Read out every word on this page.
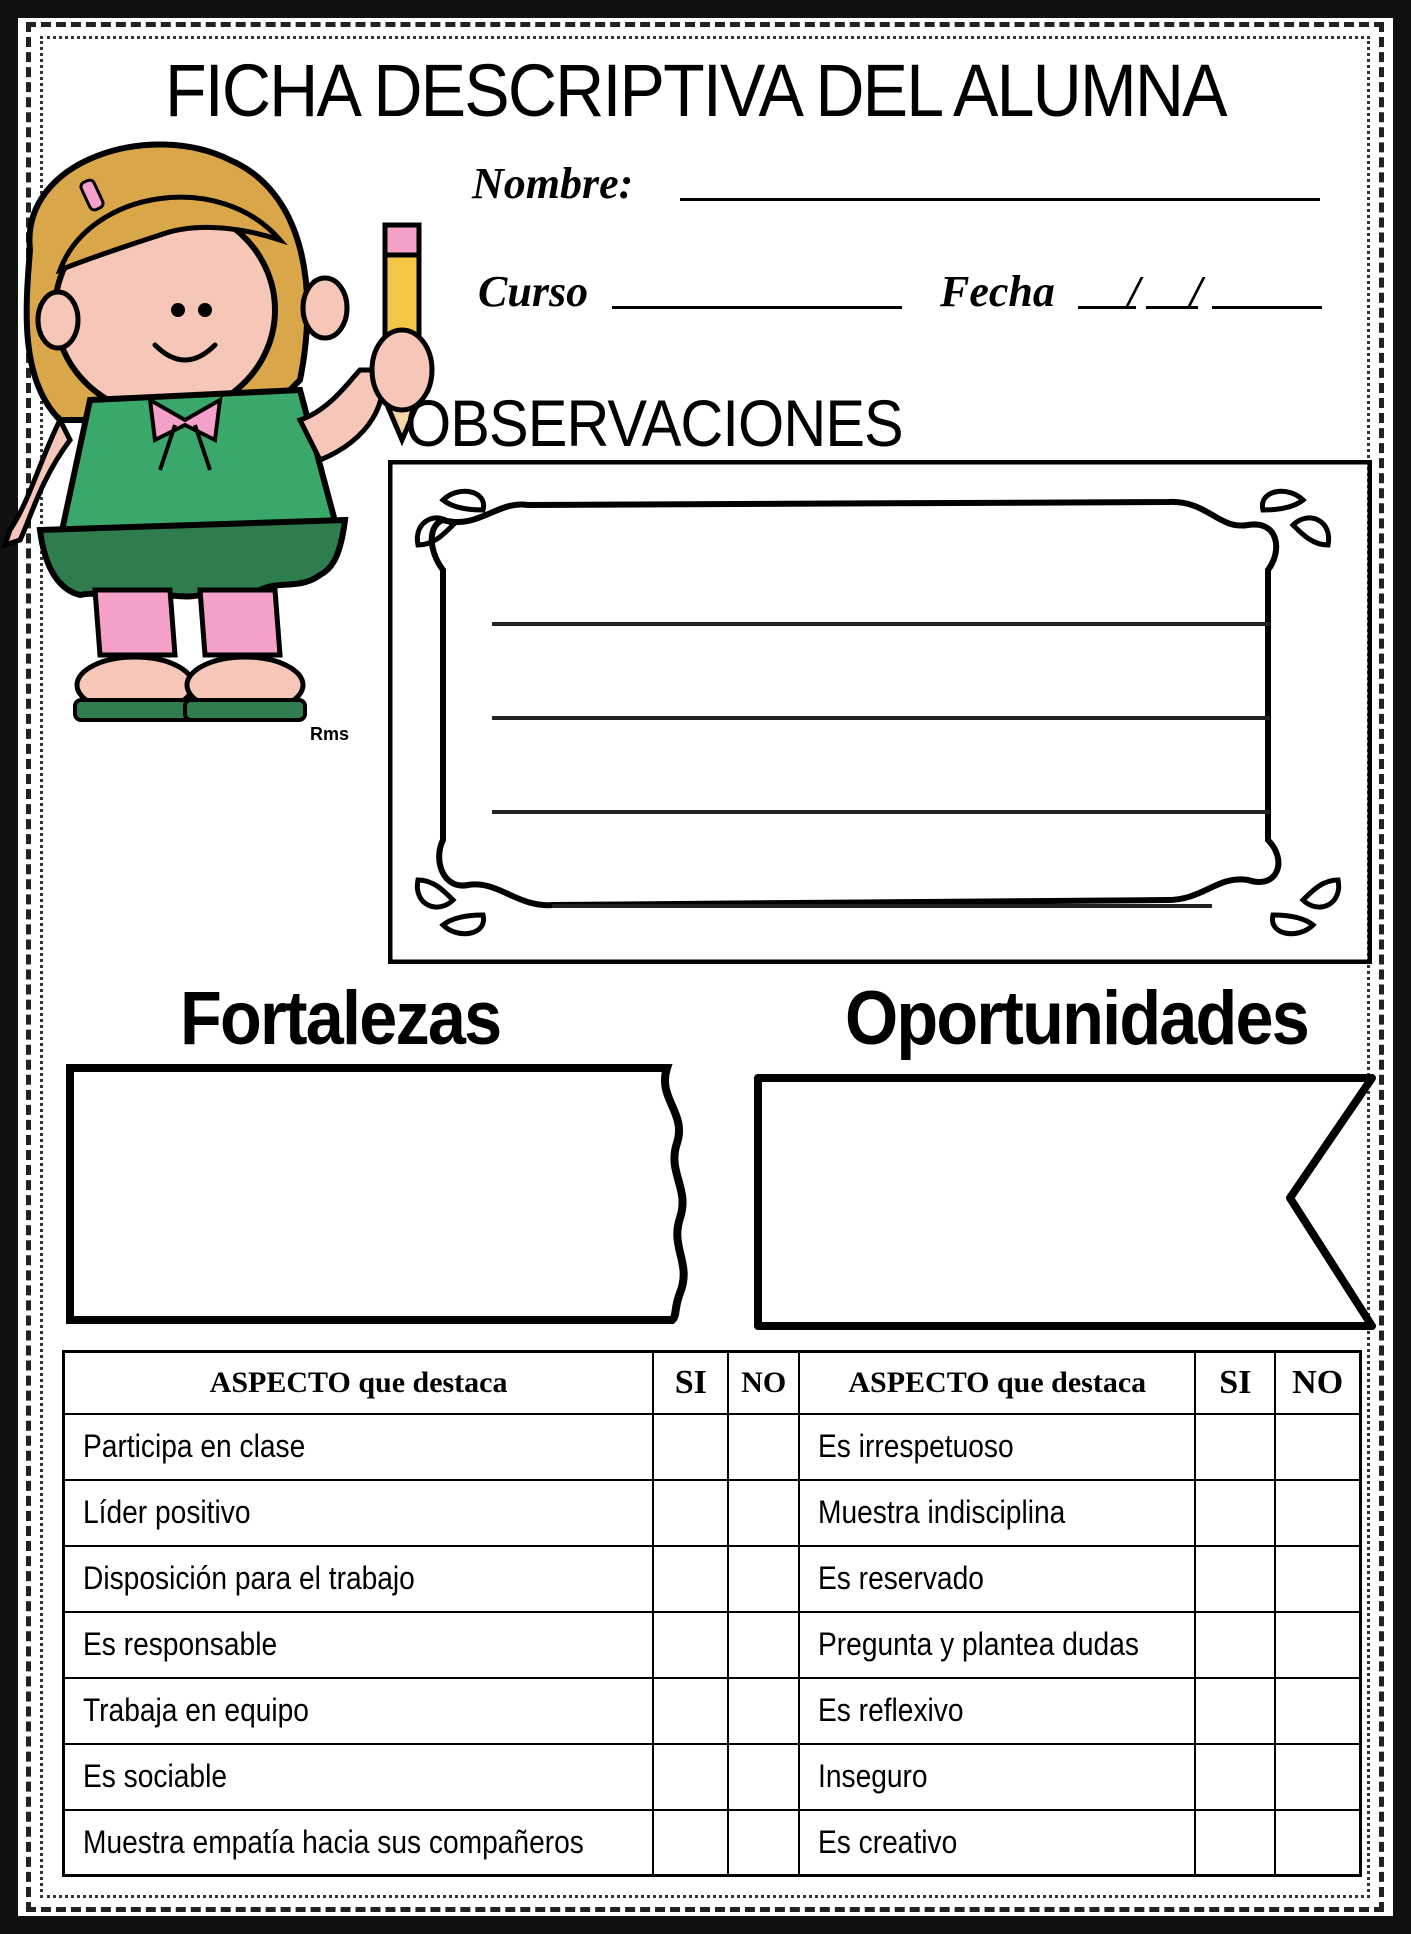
FICHA DESCRIPTIVA DEL ALUMNA
Nombre:
Curso	Fecha / /
Rms
OBSERVACIONES
Fortalezas	Oportunidades
ASPECTO que destaca	SI	NO	ASPECTO que destaca	SI	NO
Participa en clase			Es irrespetuoso		
Líder positivo			Muestra indisciplina		
Disposición para el trabajo			Es reservado		
Es responsable			Pregunta y plantea dudas		
Trabaja en equipo			Es reflexivo		
Es sociable			Inseguro		
Muestra empatía hacia sus compañeros			Es creativo		
